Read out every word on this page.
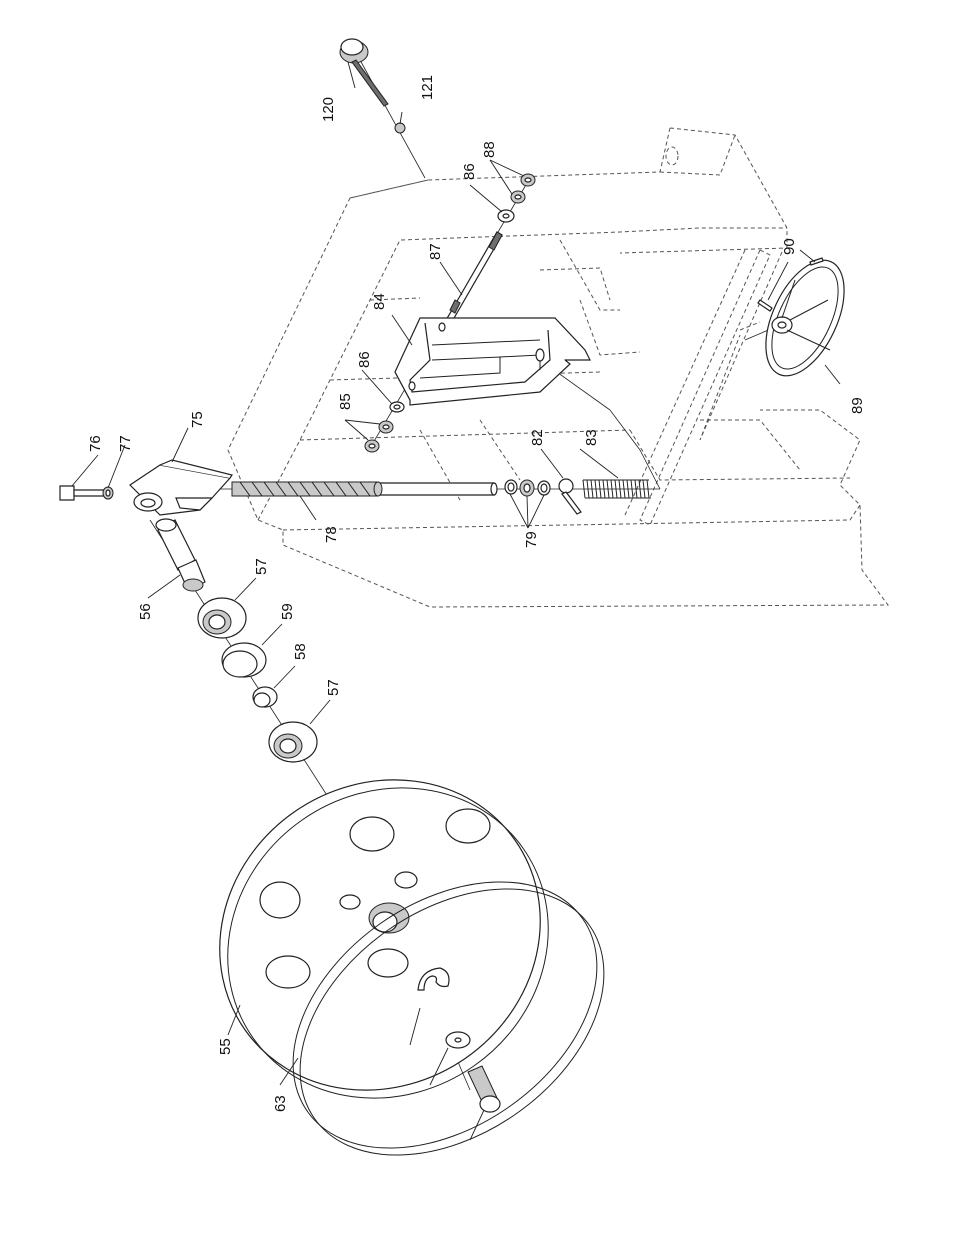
120
121
88
86
87
84
86
85
82 83
79
78
75
76 77
56
57
59
58
57
55
63
90
89
